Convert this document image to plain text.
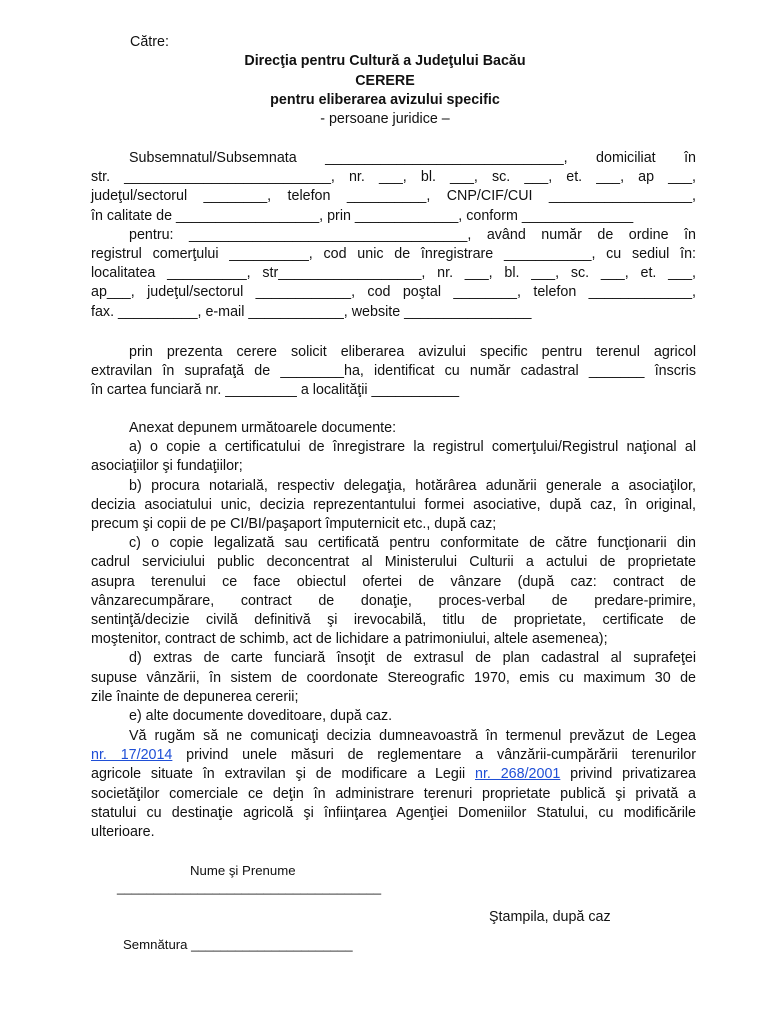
Către:
Direcţia pentru Cultură a Judeţului Bacău
CERERE
pentru eliberarea avizului specific
- persoane juridice –
Subsemnatul/Subsemnata  ______________________________,  domiciliat  în
str.  __________________________,  nr.  ___,  bl.  ___,  sc.  ___,  et.  ___,  ap  ___,
judeţul/sectorul  ________,  telefon  __________,  CNP/CIF/CUI  __________________,
în calitate de __________________, prin _____________, conform ______________
pentru:  ___________________________________,  având  număr  de  ordine  în
registrul comerţului __________, cod unic de înregistrare ___________, cu sediul în:
localitatea __________, str__________________, nr. ___, bl. ___, sc. ___, et. ___,
ap___, judeţul/sectorul ____________, cod poştal ________, telefon _____________,
fax. __________, e-mail ____________, website ________________
prin prezenta cerere solicit eliberarea avizului specific pentru terenul agricol
extravilan în suprafaţă de ________ha, identificat cu număr cadastral _______ înscris
în cartea funciară nr. _________ a localităţii ___________
Anexat depunem următoarele documente:
a) o copie a certificatului de înregistrare la registrul comerţului/Registrul naţional al
asociaţiilor şi fundaţiilor;
b) procura notarială, respectiv delegaţia, hotărârea adunării generale a asociaţilor,
decizia asociatului unic, decizia reprezentantului formei asociative, după caz, în original,
precum şi copii de pe CI/BI/paşaport împuternicit etc., după caz;
c) o copie legalizată sau certificată pentru conformitate de către funcţionarii din
cadrul serviciului public deconcentrat al Ministerului Culturii a actului de proprietate
asupra terenului ce face obiectul ofertei de vânzare (după caz: contract de
vânzarecumpărare,  contract  de  donaţie,  proces-verbal  de  predare-primire,
sentinţă/decizie  civilă  definitivă  şi  irevocabilă,  titlu  de  proprietate,  certificate  de
moştenitor, contract de schimb, act de lichidare a patrimoniului, altele asemenea);
d) extras de carte funciară însoţit de extrasul de plan cadastral al suprafeţei
supuse vânzării, în sistem de coordonate Stereografic 1970, emis cu maximum 30 de
zile înainte de depunerea cererii;
e) alte documente doveditoare, după caz.
Vă rugăm să ne comunicaţi decizia dumneavoastră în termenul prevăzut de Legea
nr. 17/2014 privind unele măsuri de reglementare a vânzării-cumpărării terenurilor
agricole situate în extravilan şi de modificare a Legii nr. 268/2001 privind privatizarea
societăţilor comerciale ce deţin în administrare terenuri proprietate publică şi privată a
statului cu destinaţie agricolă şi înfiinţarea Agenţiei Domeniilor Statului, cu modificările
ulterioare.
Nume şi Prenume
____________________________________
Ştampila, după caz
Semnătura ______________________
